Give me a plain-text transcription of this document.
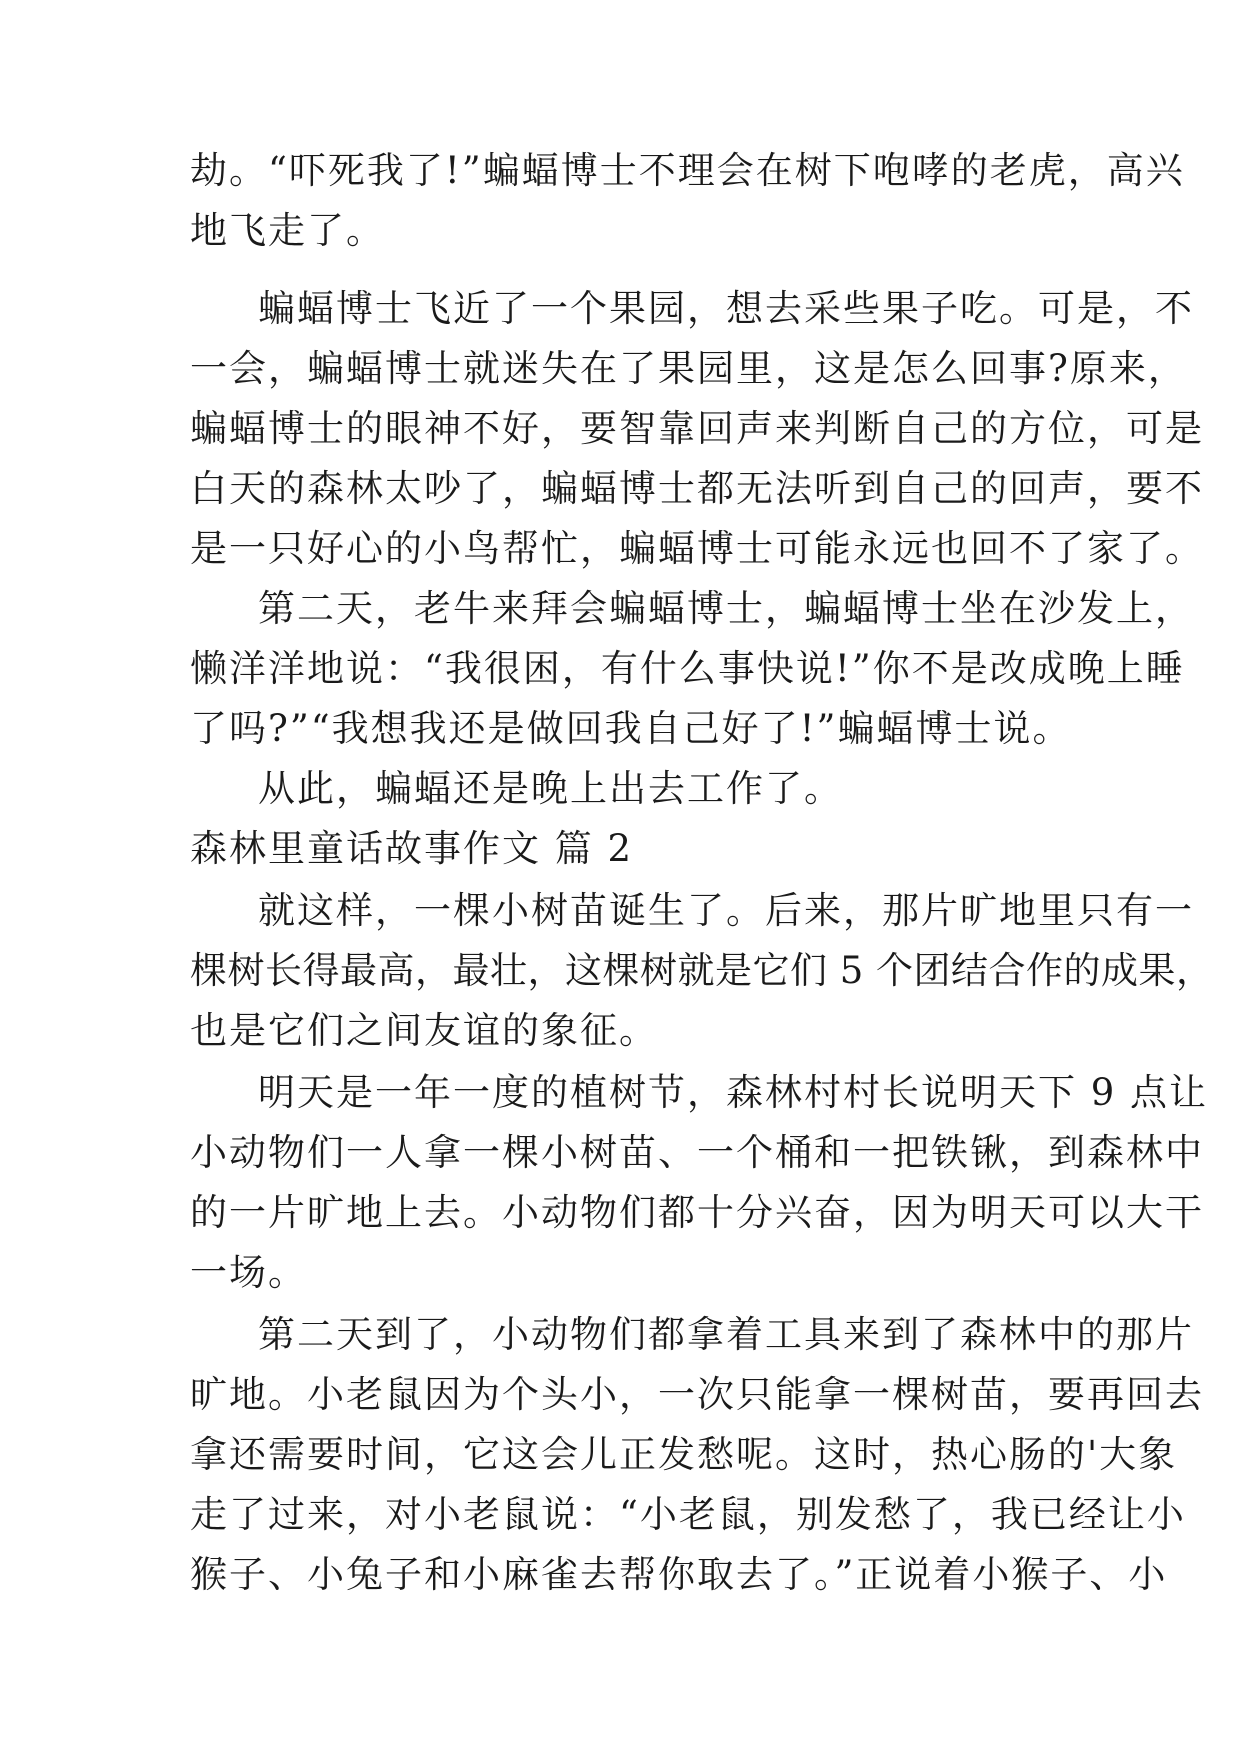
劫。“吓死我了!”蝙蝠博士不理会在树下咆哮的老虎，高兴
地飞走了。
蝙蝠博士飞近了一个果园，想去采些果子吃。可是，不
一会，蝙蝠博士就迷失在了果园里，这是怎么回事?原来，
蝙蝠博士的眼神不好，要智靠回声来判断自己的方位，可是
白天的森林太吵了，蝙蝠博士都无法听到自己的回声，要不
是一只好心的小鸟帮忙，蝙蝠博士可能永远也回不了家了。
第二天，老牛来拜会蝙蝠博士，蝙蝠博士坐在沙发上，
懒洋洋地说：“我很困，有什么事快说!”你不是改成晚上睡
了吗?”“我想我还是做回我自己好了!”蝙蝠博士说。
从此，蝙蝠还是晚上出去工作了。
森林里童话故事作文 篇 2
就这样，一棵小树苗诞生了。后来，那片旷地里只有一
棵树长得最高，最壮，这棵树就是它们 5 个团结合作的成果，
也是它们之间友谊的象征。
明天是一年一度的植树节，森林村村长说明天下 9 点让
小动物们一人拿一棵小树苗、一个桶和一把铁锹，到森林中
的一片旷地上去。小动物们都十分兴奋，因为明天可以大干
一场。
第二天到了，小动物们都拿着工具来到了森林中的那片
旷地。小老鼠因为个头小，一次只能拿一棵树苗，要再回去
拿还需要时间，它这会儿正发愁呢。这时，热心肠的'大象
走了过来，对小老鼠说：“小老鼠，别发愁了，我已经让小
猴子、小兔子和小麻雀去帮你取去了。”正说着小猴子、小
